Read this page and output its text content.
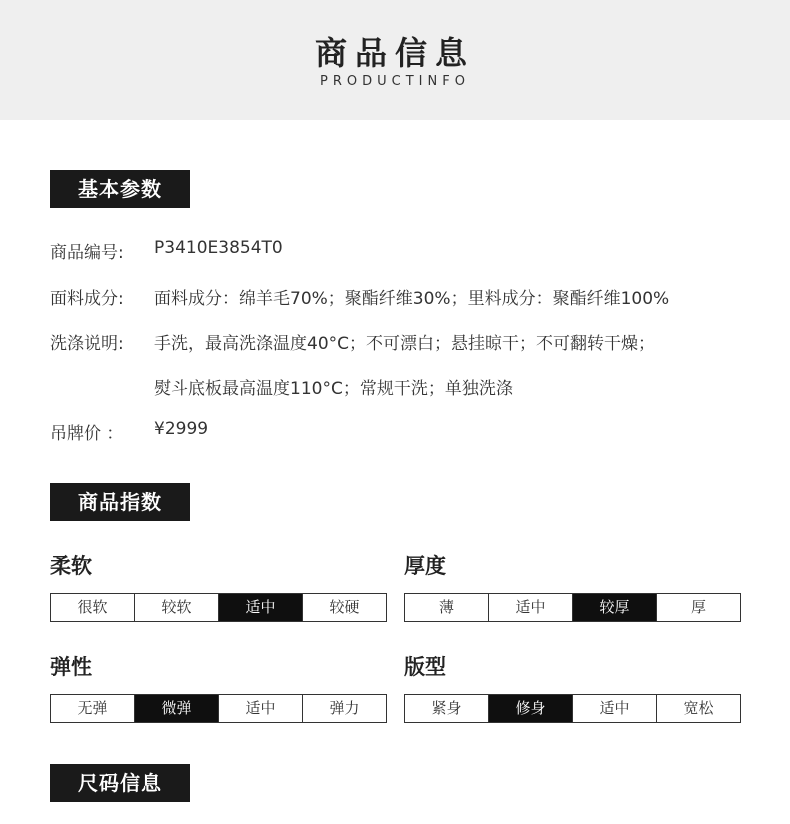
商品信息
PRODUCTINFO
基本参数
商品编号: P3410E3854T0
面料成分: 面料成分：绵羊毛70%；聚酯纤维30%；里料成分：聚酯纤维100%
洗涤说明: 手洗，最高洗涤温度40°C；不可漂白；悬挂晾干；不可翻转干燥；
熨斗底板最高温度110°C；常规干洗；单独洗涤
吊牌价 ： ¥2999
商品指数
柔软
很软	较软	适中	较硬
厚度
薄	适中	较厚	厚
弹性
无弹	微弹	适中	弹力
版型
紧身	修身	适中	宽松
尺码信息
